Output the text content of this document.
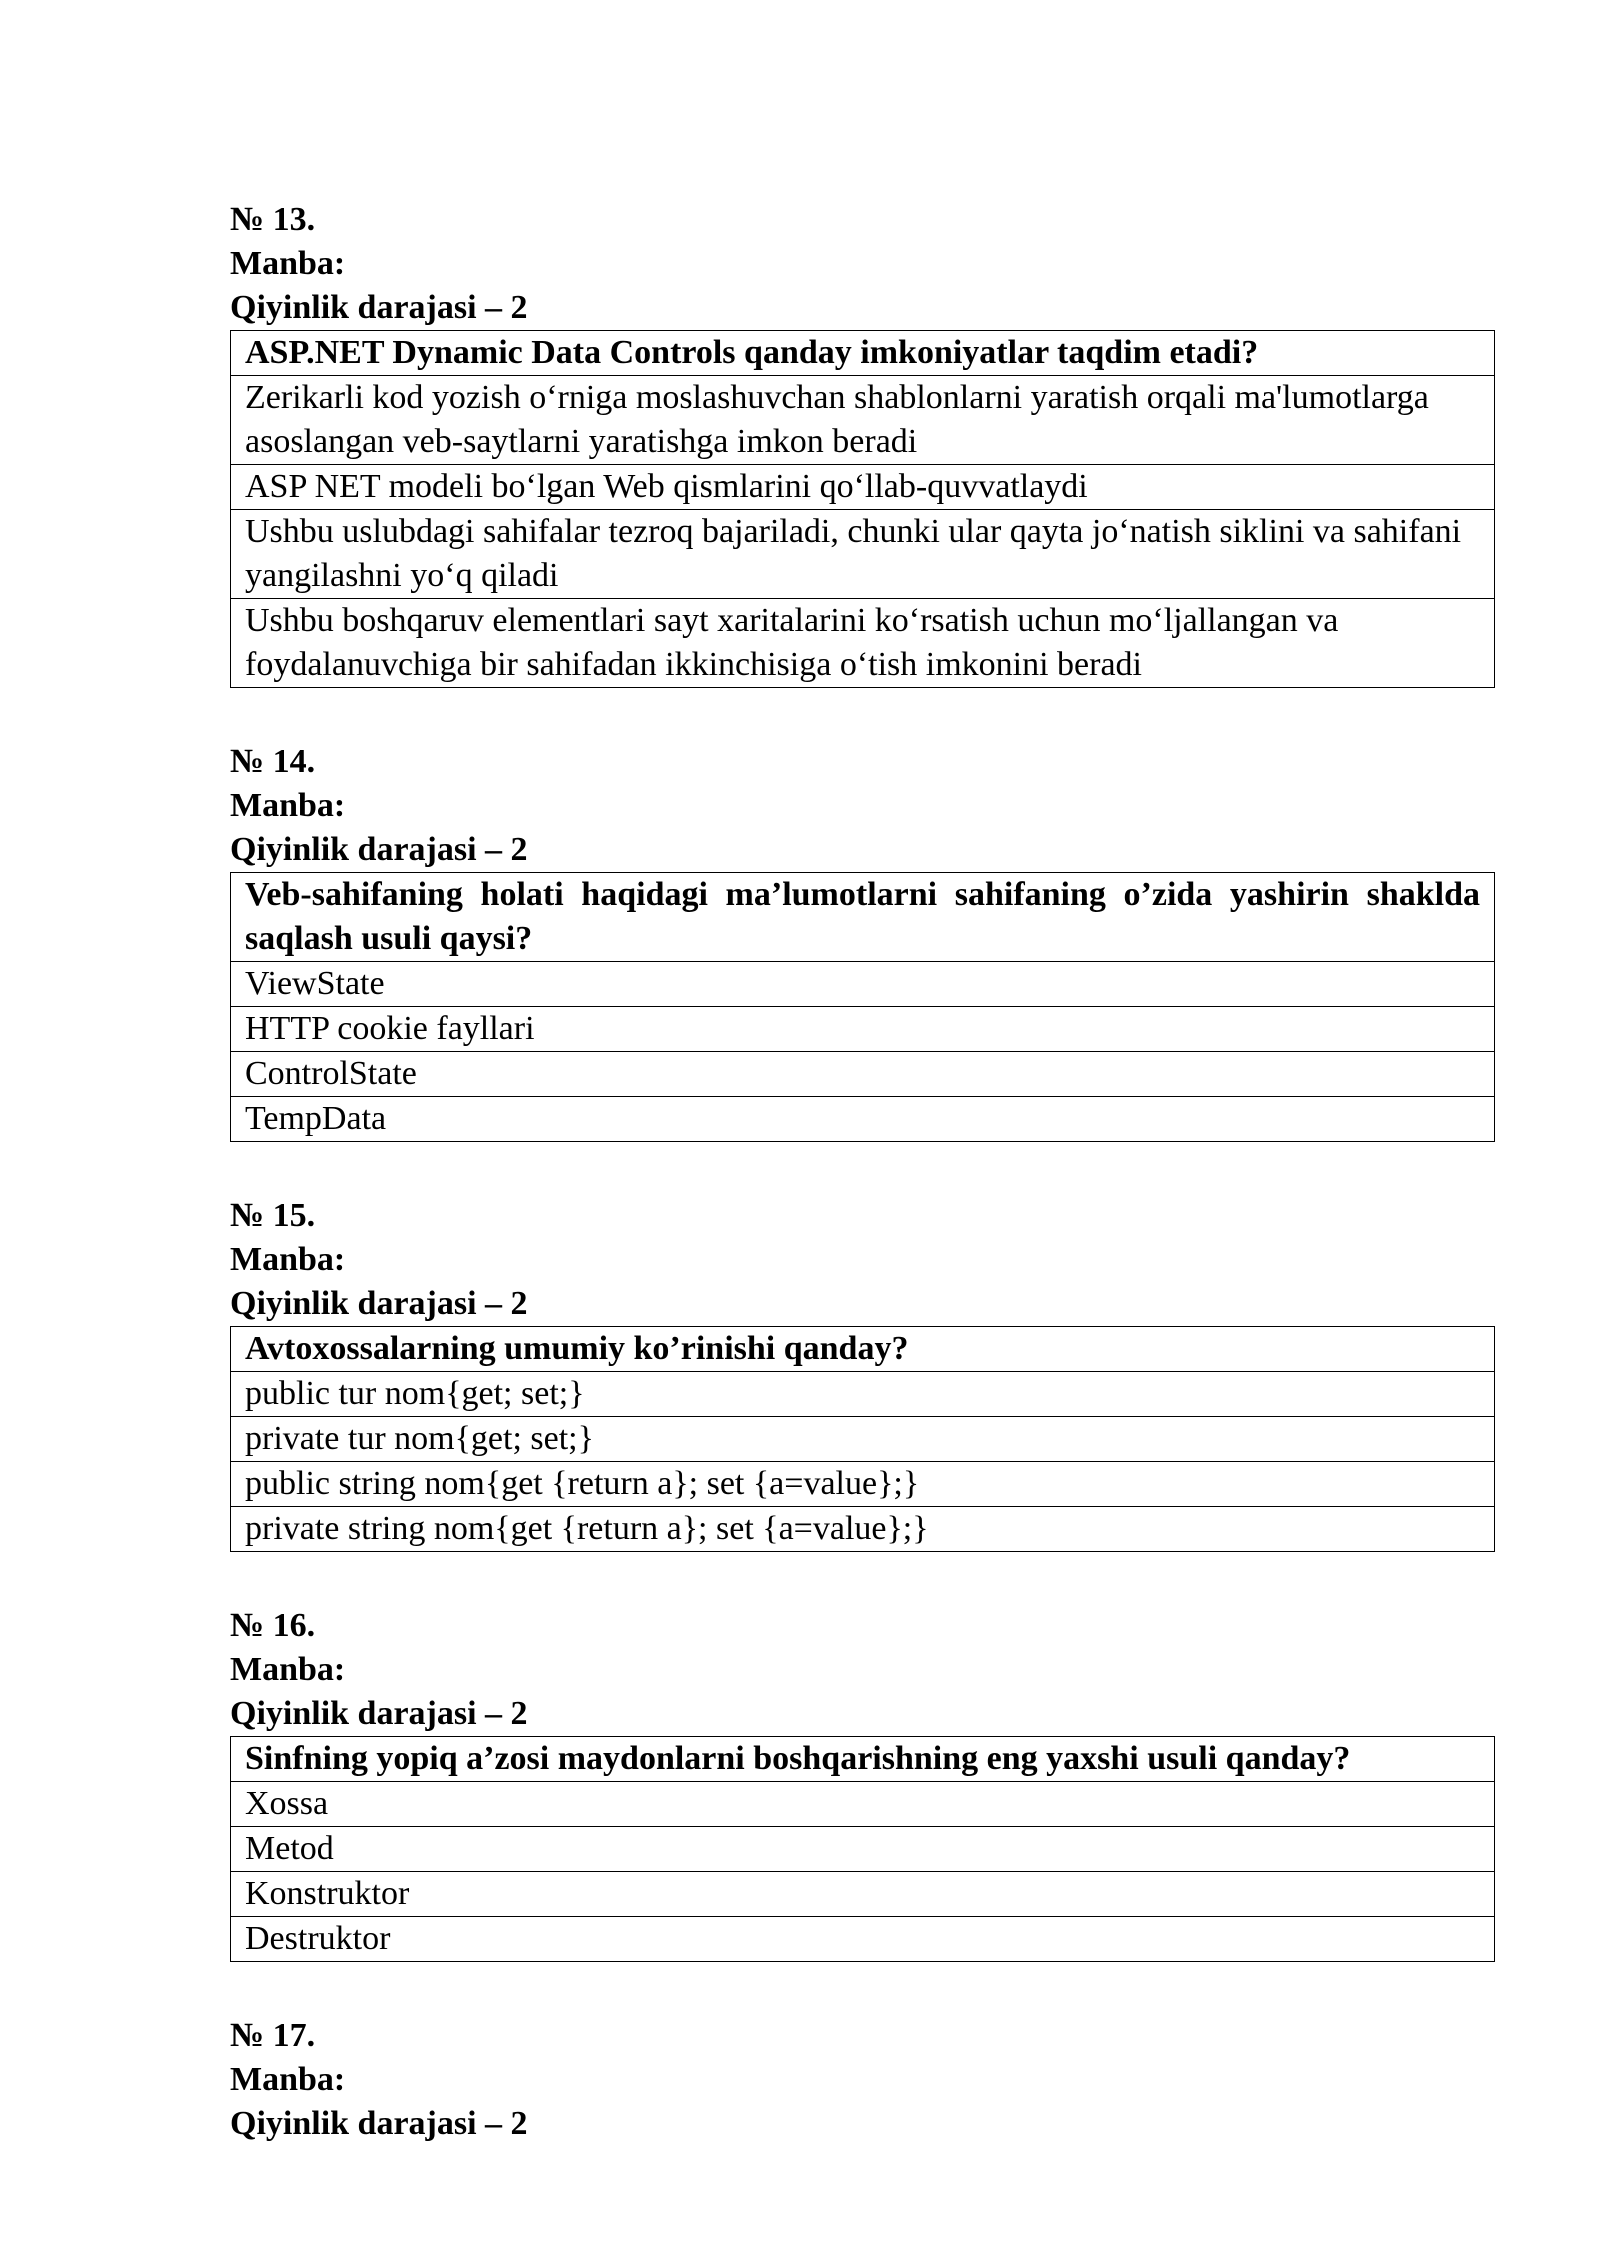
№ 13.
Manba:
Qiyinlik darajasi – 2
ASP.NET Dynamic Data Controls qanday imkoniyatlar taqdim etadi?
Zerikarli kod yozish oʻrniga moslashuvchan shablonlarni yaratish orqali ma'lumotlarga asoslangan veb-saytlarni yaratishga imkon beradi
ASP NET modeli boʻlgan Web qismlarini qoʻllab-quvvatlaydi
Ushbu uslubdagi sahifalar tezroq bajariladi, chunki ular qayta joʻnatish siklini va sahifani yangilashni yoʻq qiladi
Ushbu boshqaruv elementlari sayt xaritalarini koʻrsatish uchun moʻljallangan va foydalanuvchiga bir sahifadan ikkinchisiga oʻtish imkonini beradi
№ 14.
Manba:
Qiyinlik darajasi – 2
Veb-sahifaning holati haqidagi ma’lumotlarni sahifaning o’zida yashirin shaklda saqlash usuli qaysi?
ViewState
HTTP cookie fayllari
ControlState
TempData
№ 15.
Manba:
Qiyinlik darajasi – 2
Avtoxossalarning umumiy ko’rinishi qanday?
public tur nom{get; set;}
private tur nom{get; set;}
public string nom{get {return a}; set {a=value};}
private string nom{get {return a}; set {a=value};}
№ 16.
Manba:
Qiyinlik darajasi – 2
Sinfning yopiq a’zosi maydonlarni boshqarishning eng yaxshi usuli qanday?
Xossa
Metod
Konstruktor
Destruktor
№ 17.
Manba:
Qiyinlik darajasi – 2
